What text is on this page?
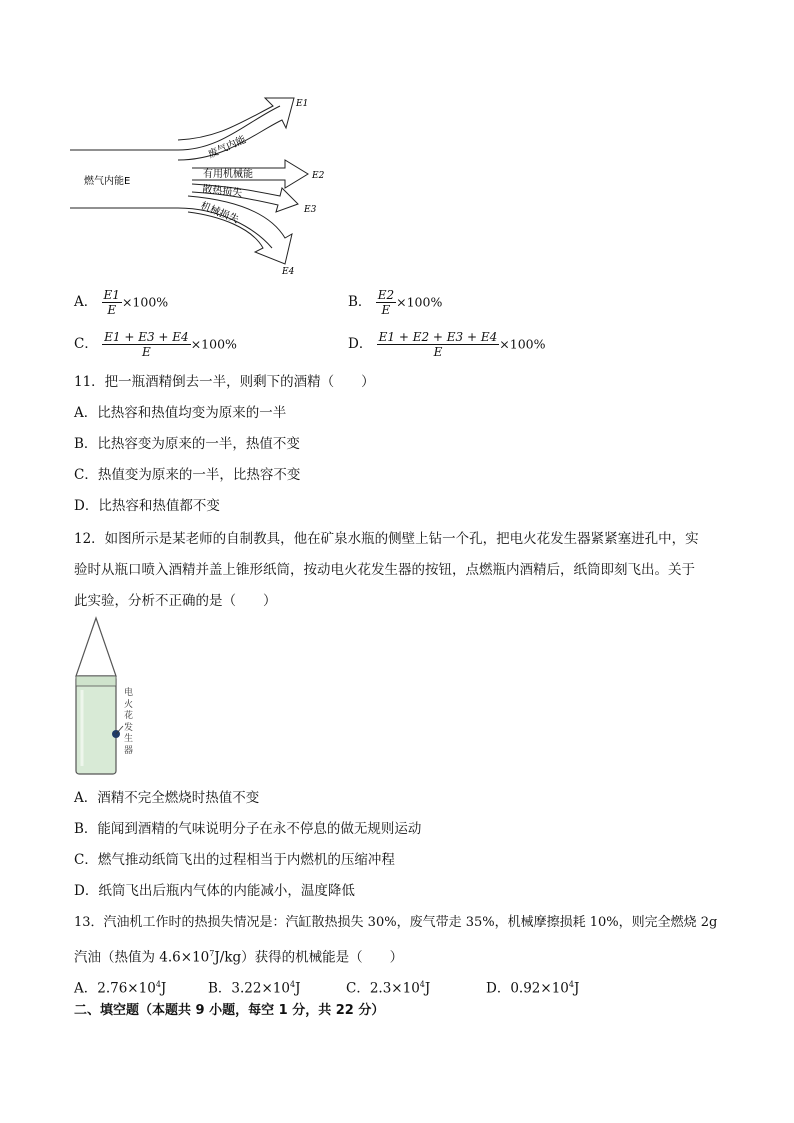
E1
E2
E3
E4
燃气内能E
废气内能
有用机械能
散热损失
机械损失
A． $\frac{E1}{E} \times 100\%$	B． $\frac{E2}{E} \times 100\%$
C． $\frac{E1 + E3 + E4}{E} \times 100\%$	D． $\frac{E1 + E2 + E3 + E4}{E} \times 100\%$
11．把一瓶酒精倒去一半，则剩下的酒精（　　）
A．比热容和热值均变为原来的一半
B．比热容变为原来的一半，热值不变
C．热值变为原来的一半，比热容不变
D．比热容和热值都不变
12．如图所示是某老师的自制教具，他在矿泉水瓶的侧壁上钻一个孔，把电火花发生器紧紧塞进孔中，实
验时从瓶口喷入酒精并盖上锥形纸筒，按动电火花发生器的按钮，点燃瓶内酒精后，纸筒即刻飞出。关于
此实验，分析不正确的是（　　）
电
火
花
发
生
器
A．酒精不完全燃烧时热值不变
B．能闻到酒精的气味说明分子在永不停息的做无规则运动
C．燃气推动纸筒飞出的过程相当于内燃机的压缩冲程
D．纸筒飞出后瓶内气体的内能减小，温度降低
13．汽油机工作时的热损失情况是：汽缸散热损失 30%，废气带走 35%，机械摩擦损耗 10%，则完全燃烧 2g
汽油（热值为 $4.6\times 10^7J/kg$）获得的机械能是（　　）
A．$2.76\times 10^4J$	B．$3.22\times 10^4J$	C．$2.3\times 10^4J$	D．$0.92\times 10^4J$
二、填空题（本题共 9 小题，每空 1 分，共 22 分）
